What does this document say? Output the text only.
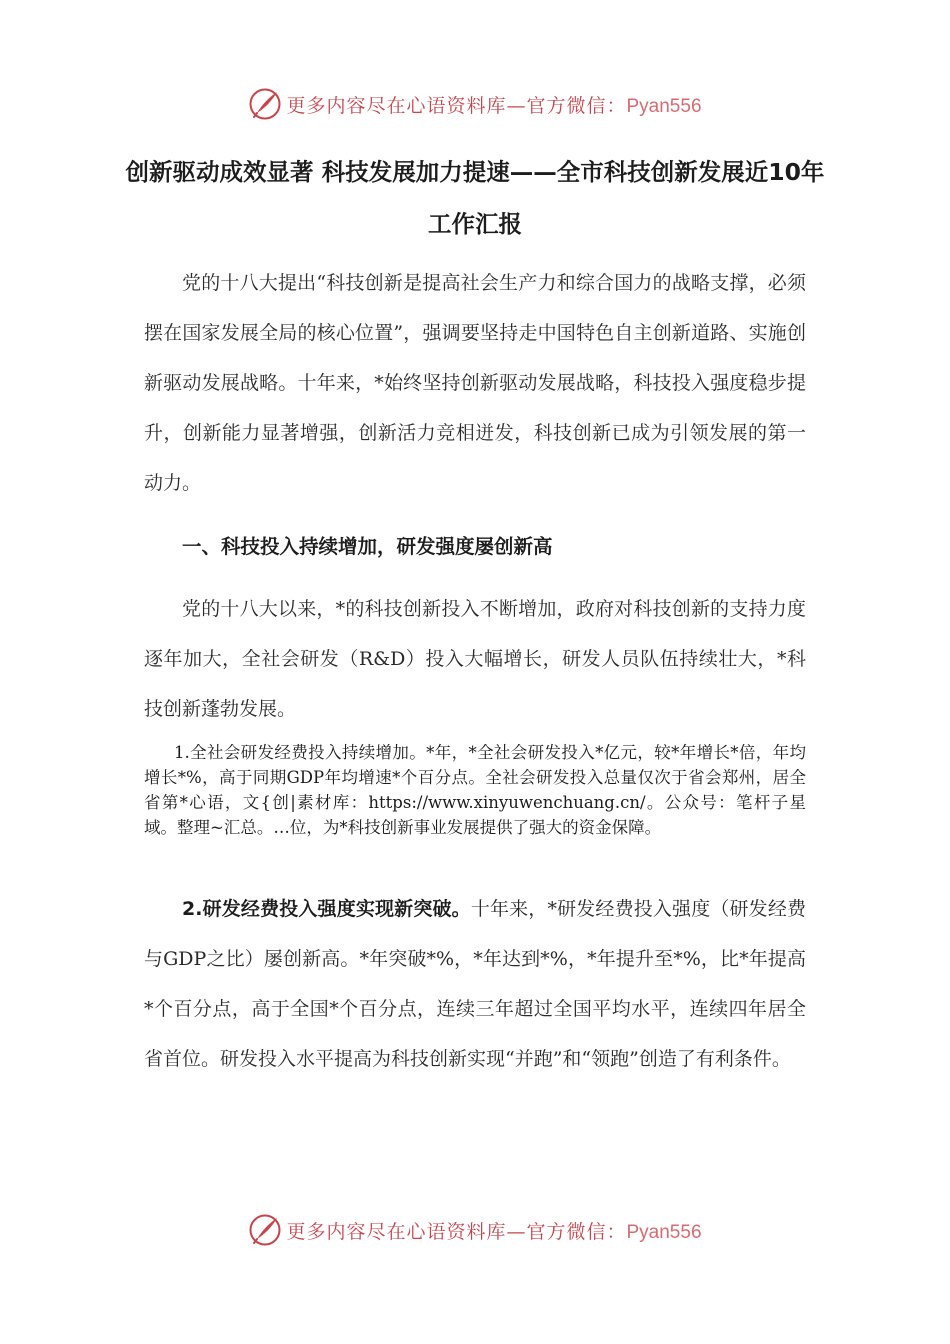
更多内容尽在心语资料库—官方微信：Pyan556
创新驱动成效显著 科技发展加力提速——全市科技创新发展近10年工作汇报

党的十八大提出“科技创新是提高社会生产力和综合国力的战略支撑，必须摆在国家发展全局的核心位置”，强调要坚持走中国特色自主创新道路、实施创新驱动发展战略。十年来，*始终坚持创新驱动发展战略，科技投入强度稳步提升，创新能力显著增强，创新活力竞相迸发，科技创新已成为引领发展的第一动力。

一、科技投入持续增加，研发强度屡创新高

党的十八大以来，*的科技创新投入不断增加，政府对科技创新的支持力度逐年加大，全社会研发（R&D）投入大幅增长，研发人员队伍持续壮大，*科技创新蓬勃发展。

1.全社会研发经费投入持续增加。*年，*全社会研发投入*亿元，较*年增长*倍，年均增长*%，高于同期GDP年均增速*个百分点。全社会研发投入总量仅次于省会郑州，居全省第*心语，文{创|素材库：https://www.xinyuwenchuang.cn/。公众号：笔杆子星域。整理~汇总。…位，为*科技创新事业发展提供了强大的资金保障。

2.研发经费投入强度实现新突破。十年来，*研发经费投入强度（研发经费与GDP之比）屡创新高。*年突破*%，*年达到*%，*年提升至*%，比*年提高*个百分点，高于全国*个百分点，连续三年超过全国平均水平，连续四年居全省首位。研发投入水平提高为科技创新实现“并跑”和“领跑”创造了有利条件。

更多内容尽在心语资料库—官方微信：Pyan556
